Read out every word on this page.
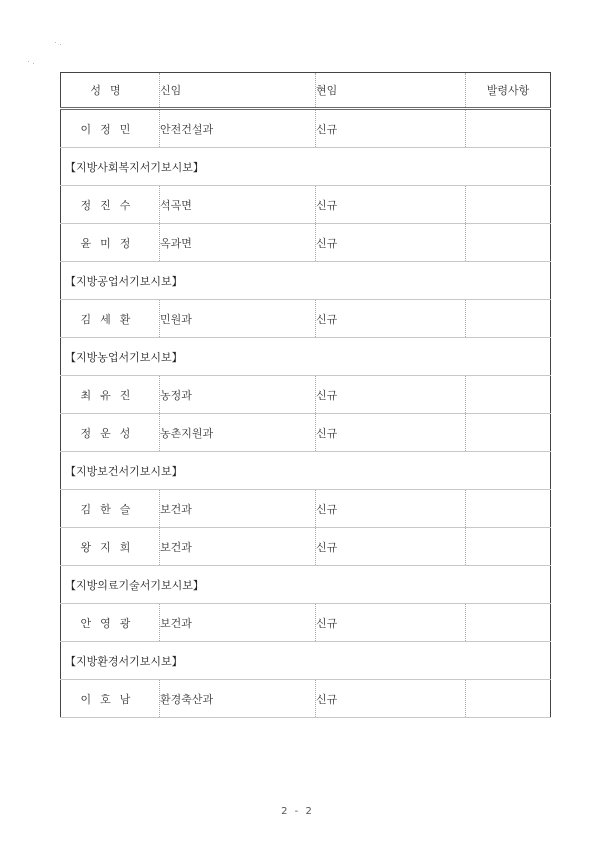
성명	신임	현임	발령사항
이정민	안전건설과	신규	
【지방사회복지서기보시보】			
정진수	석곡면	신규	
윤미정	옥과면	신규	
【지방공업서기보시보】			
김세환	민원과	신규	
【지방농업서기보시보】			
최유진	농정과	신규	
정운성	농촌지원과	신규	
【지방보건서기보시보】			
김한슬	보건과	신규	
왕지희	보건과	신규	
【지방의료기술서기보시보】			
안영광	보건과	신규	
【지방환경서기보시보】			
이호남	환경축산과	신규	
2 - 2
